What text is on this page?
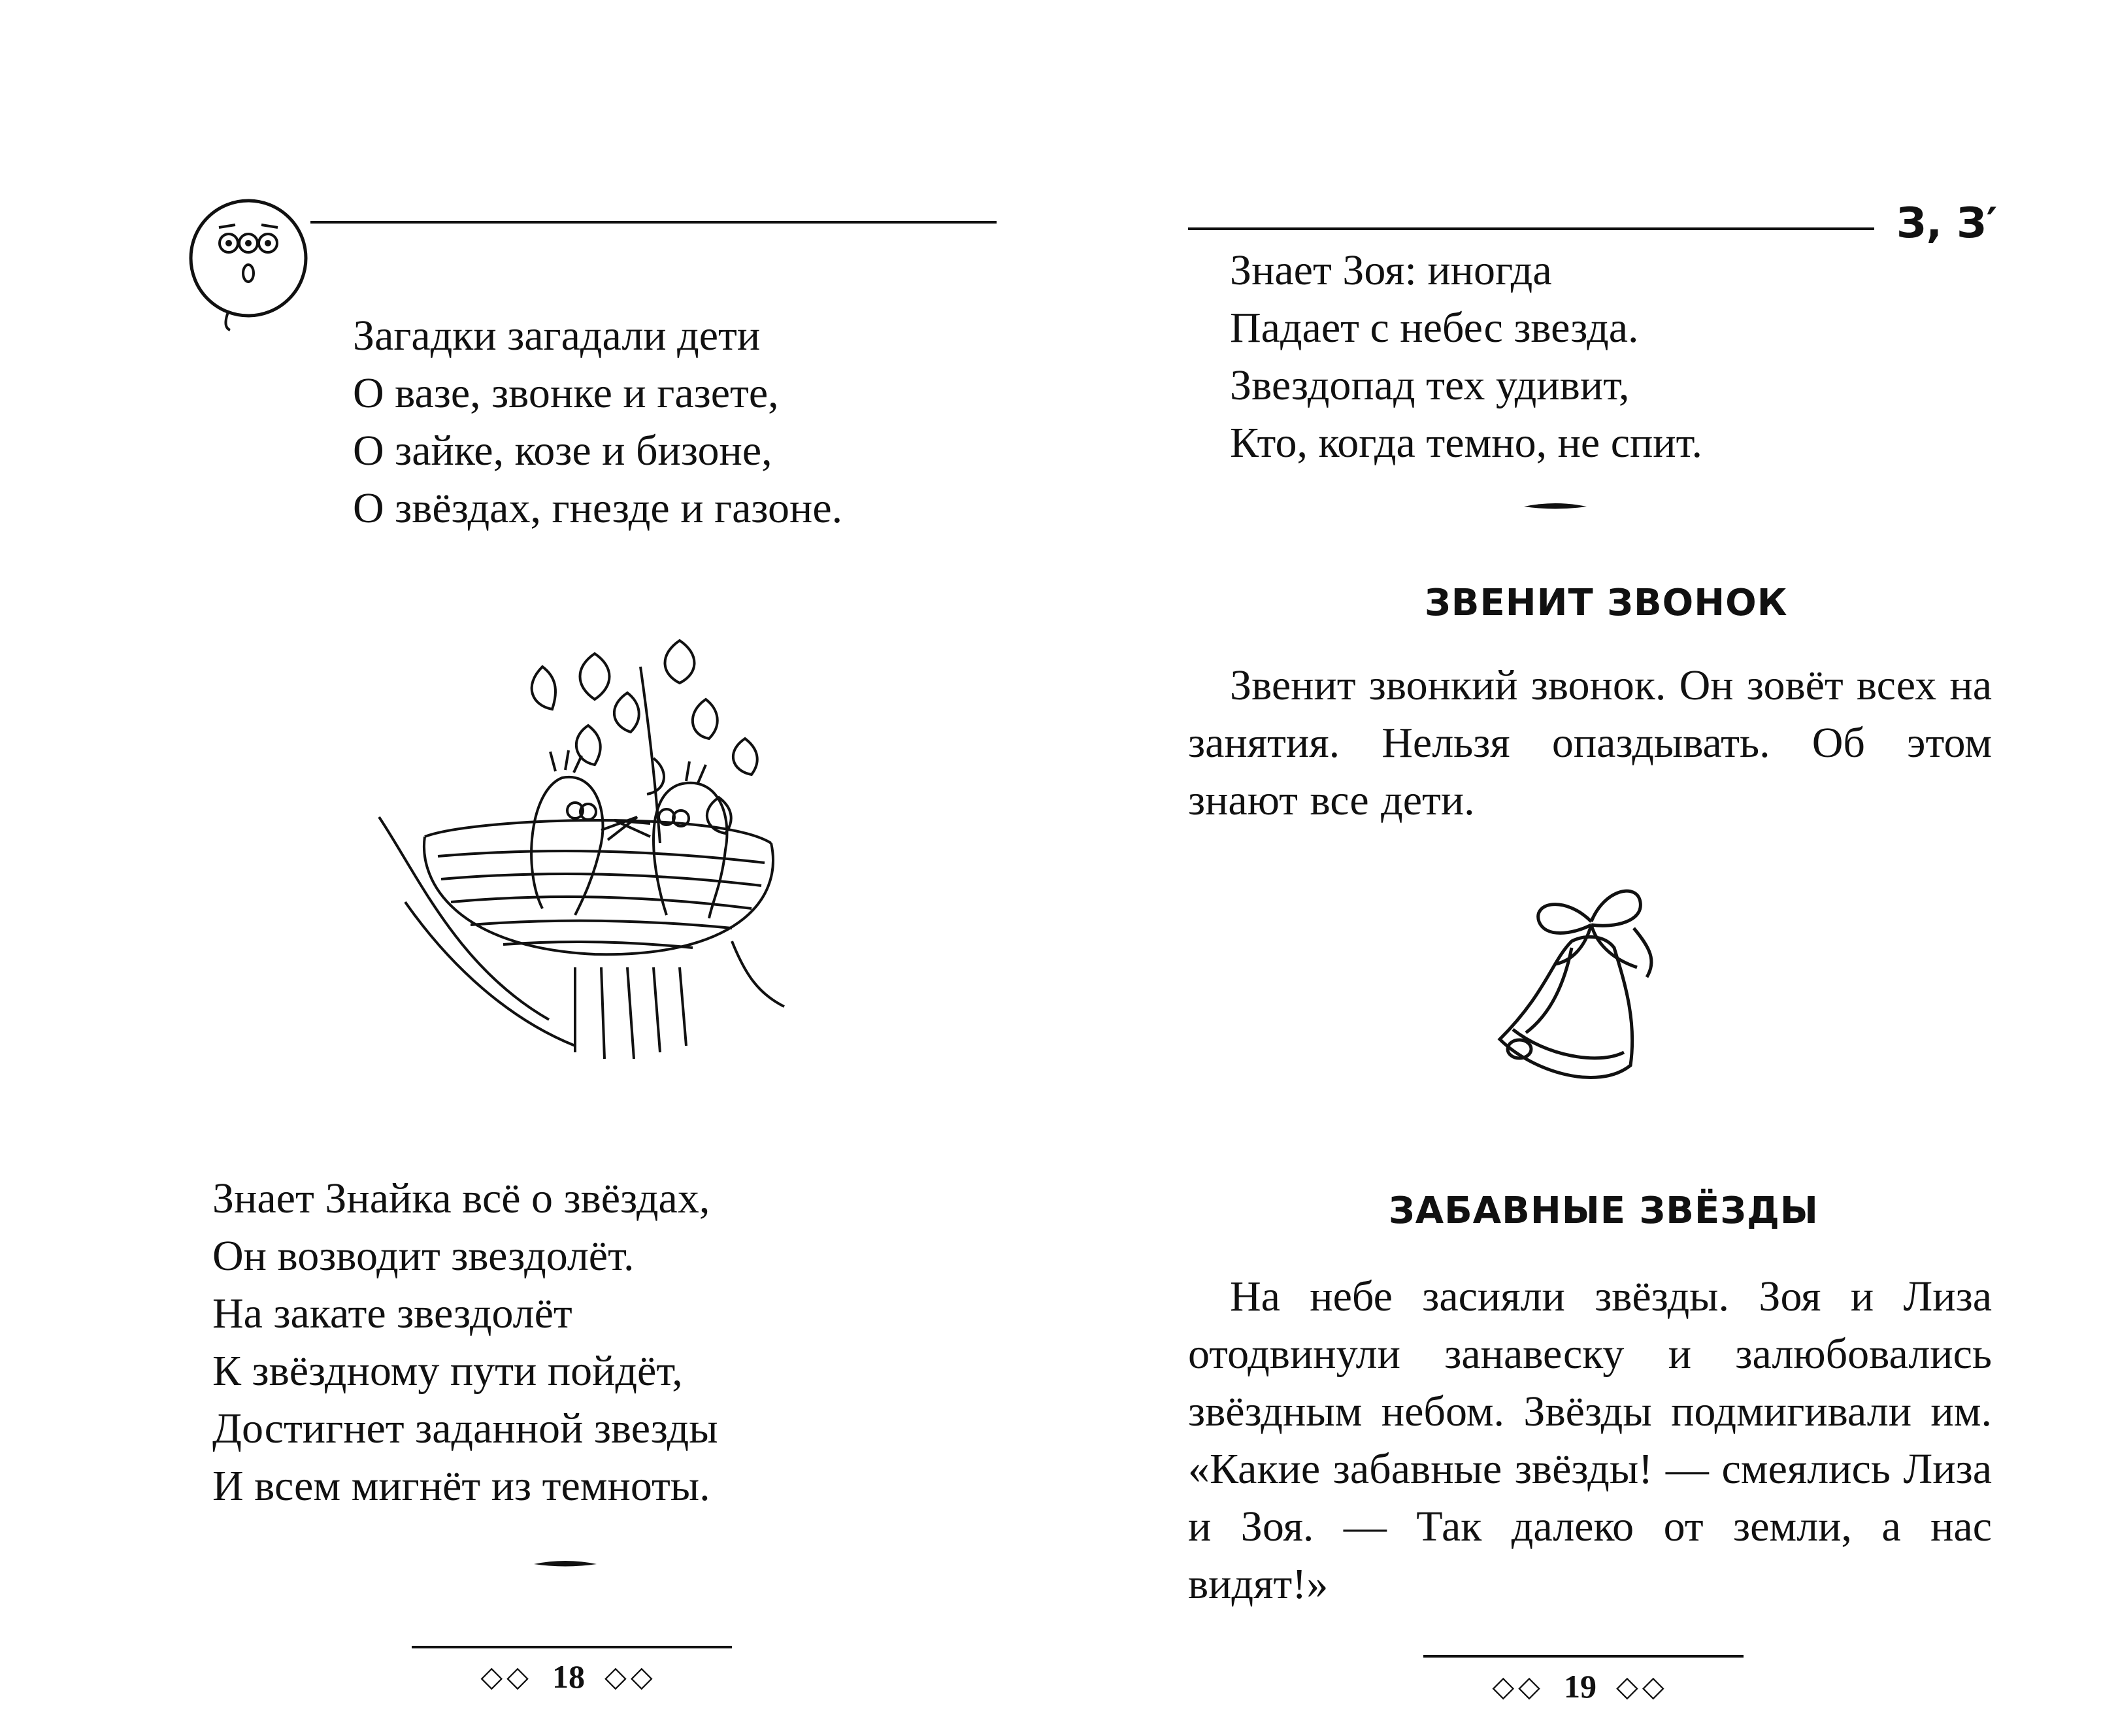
Загадки загадали дети
О вазе, звонке и газете,
О зайке, козе и бизоне,
О звёздах, гнезде и газоне.
Знает Знайка всё о звёздах,
Он возводит звездолёт.
На закате звездолёт
К звёздному пути пойдёт,
Достигнет заданной звезды
И всем мигнёт из темноты.
◇◇ 18 ◇◇

З, З′

Знает Зоя: иногда
Падает с небес звезда.
Звездопад тех удивит,
Кто, когда темно, не спит.

ЗВЕНИТ ЗВОНОК

Звенит звонкий звонок. Он зовёт всех на занятия. Нельзя опаздывать. Об этом знают все дети.

ЗАБАВНЫЕ ЗВЁЗДЫ

На небе засияли звёзды. Зоя и Лиза отодвинули занавеску и залюбовались звёздным небом. Звёзды подмигивали им. «Какие забавные звёзды! — смеялись Лиза и Зоя. — Так далеко от земли, а нас видят!»

◇◇ 19 ◇◇
